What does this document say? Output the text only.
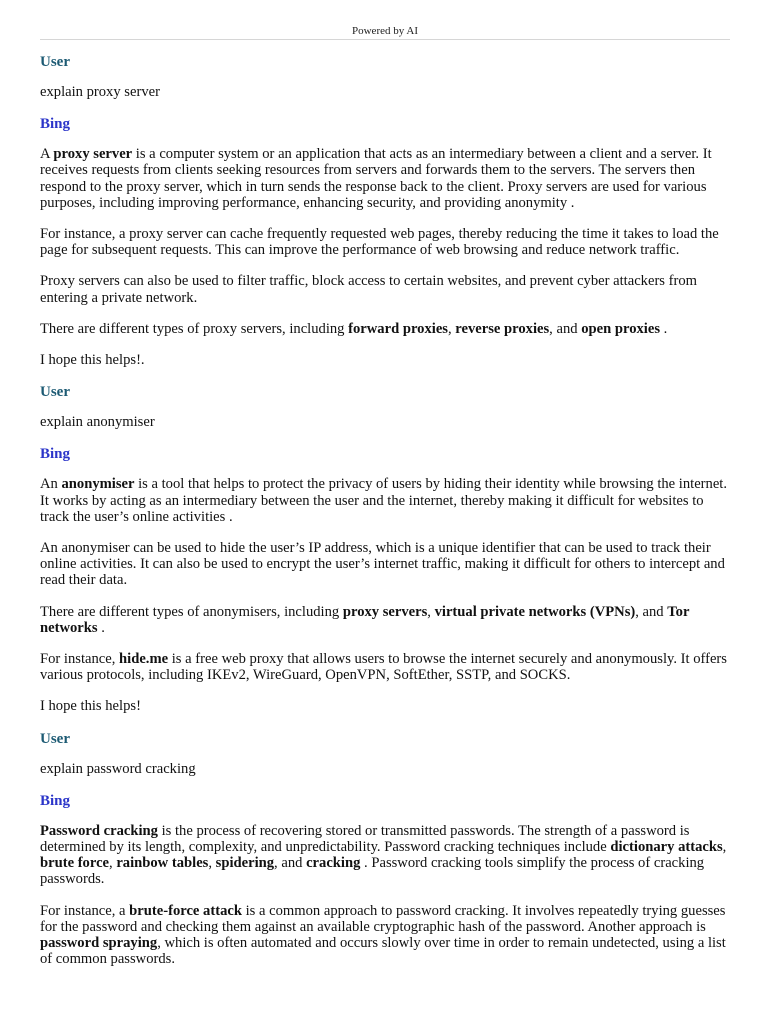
Powered by AI
User

explain proxy server

Bing

A proxy server is a computer system or an application that acts as an intermediary between a client and a server. It receives requests from clients seeking resources from servers and forwards them to the servers. The servers then respond to the proxy server, which in turn sends the response back to the client. Proxy servers are used for various purposes, including improving performance, enhancing security, and providing anonymity .

For instance, a proxy server can cache frequently requested web pages, thereby reducing the time it takes to load the page for subsequent requests. This can improve the performance of web browsing and reduce network traffic.

Proxy servers can also be used to filter traffic, block access to certain websites, and prevent cyber attackers from entering a private network.

There are different types of proxy servers, including forward proxies, reverse proxies, and open proxies .

I hope this helps!.

User

explain anonymiser

Bing

An anonymiser is a tool that helps to protect the privacy of users by hiding their identity while browsing the internet. It works by acting as an intermediary between the user and the internet, thereby making it difficult for websites to track the user’s online activities .

An anonymiser can be used to hide the user’s IP address, which is a unique identifier that can be used to track their online activities. It can also be used to encrypt the user’s internet traffic, making it difficult for others to intercept and read their data.

There are different types of anonymisers, including proxy servers, virtual private networks (VPNs), and Tor networks .

For instance, hide.me is a free web proxy that allows users to browse the internet securely and anonymously. It offers various protocols, including IKEv2, WireGuard, OpenVPN, SoftEther, SSTP, and SOCKS.

I hope this helps!

User

explain password cracking

Bing

Password cracking is the process of recovering stored or transmitted passwords. The strength of a password is determined by its length, complexity, and unpredictability. Password cracking techniques include dictionary attacks, brute force, rainbow tables, spidering, and cracking . Password cracking tools simplify the process of cracking passwords.

For instance, a brute-force attack is a common approach to password cracking. It involves repeatedly trying guesses for the password and checking them against an available cryptographic hash of the password. Another approach is password spraying, which is often automated and occurs slowly over time in order to remain undetected, using a list of common passwords.
